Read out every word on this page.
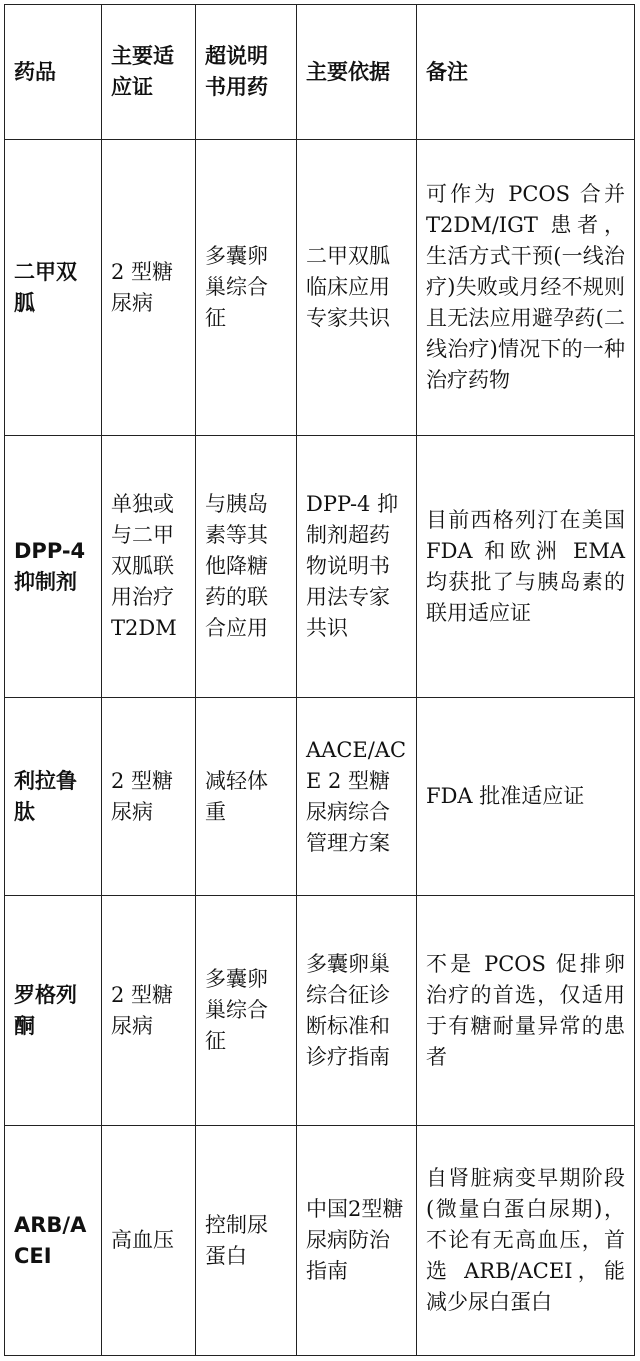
药品	主要适应证	超说明书用药	主要依据	备注
二甲双胍	2 型糖尿病	多囊卵巢综合征	二甲双胍临床应用专家共识	可作为 PCOS 合并 T2DM/IGT 患者，生活方式干预(一线治疗)失败或月经不规则且无法应用避孕药(二线治疗)情况下的一种治疗药物
DPP-4 抑制剂	单独或与二甲双胍联用治疗 T2DM	与胰岛素等其他降糖药的联合应用	DPP-4 抑制剂超药物说明书用法专家共识	目前西格列汀在美国 FDA 和欧洲 EMA 均获批了与胰岛素的联用适应证
利拉鲁肽	2 型糖尿病	减轻体重	AACE/ACE 2 型糖尿病综合管理方案	FDA 批准适应证
罗格列酮	2 型糖尿病	多囊卵巢综合征	多囊卵巢综合征诊断标准和诊疗指南	不是 PCOS 促排卵治疗的首选，仅适用于有糖耐量异常的患者
ARB/ACEI	高血压	控制尿蛋白	中国2型糖尿病防治指南	自肾脏病变早期阶段(微量白蛋白尿期)，不论有无高血压，首选 ARB/ACEI，能减少尿白蛋白
